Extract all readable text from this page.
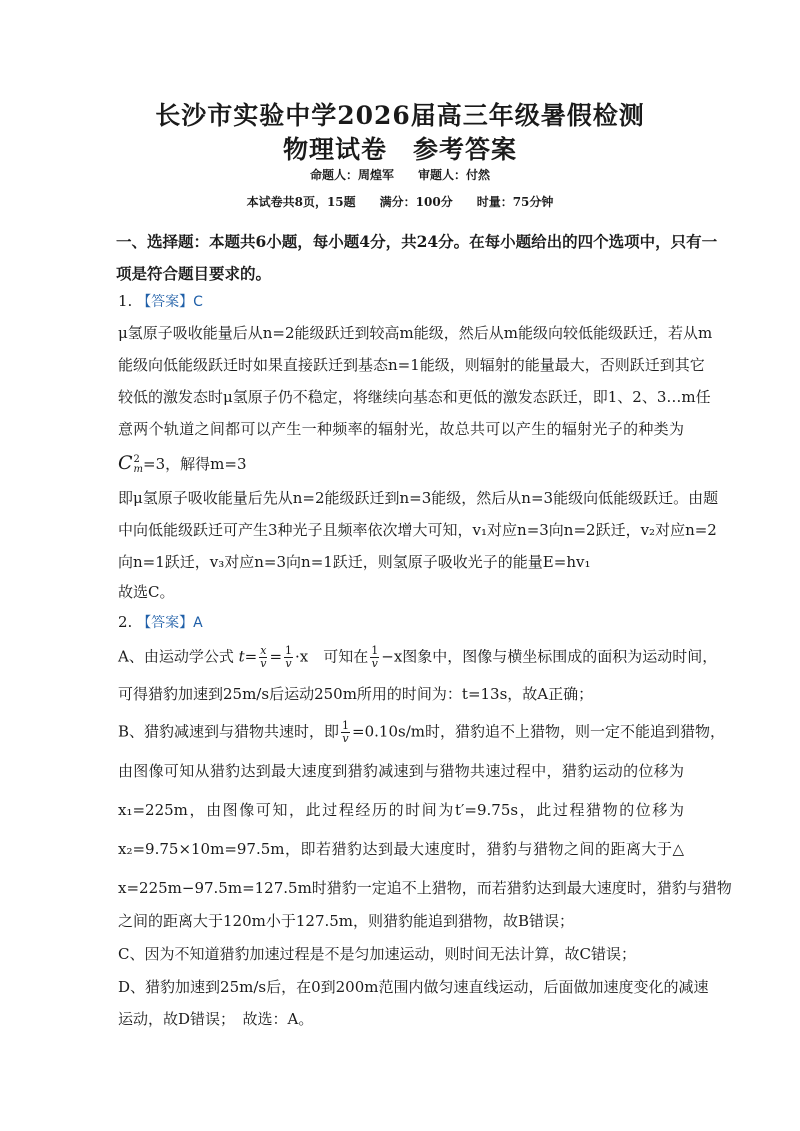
长沙市实验中学2026届高三年级暑假检测
物理试卷　参考答案
命题人：周煌军　　审题人：付然
本试卷共8页，15题　　满分：100分　　时量：75分钟
一、选择题：本题共6小题，每小题4分，共24分。在每小题给出的四个选项中，只有一
项是符合题目要求的。
1. 【答案】C
μ氢原子吸收能量后从n=2能级跃迁到较高m能级，然后从m能级向较低能级跃迁，若从m
能级向低能级跃迁时如果直接跃迁到基态n=1能级，则辐射的能量最大，否则跃迁到其它
较低的激发态时μ氢原子仍不稳定，将继续向基态和更低的激发态跃迁，即1、2、3…m任
意两个轨道之间都可以产生一种频率的辐射光，故总共可以产生的辐射光子的种类为
C 2
m =3，解得m=3
即μ氢原子吸收能量后先从n=2能级跃迁到n=3能级，然后从n=3能级向低能级跃迁。由题
中向低能级跃迁可产生3种光子且频率依次增大可知，v₁对应n=3向n=2跃迁，v₂对应n=2
向n=1跃迁，v₃对应n=3向n=1跃迁，则氢原子吸收光子的能量E=hv₁
故选C。
2. 【答案】A
A、由运动学公式 $t= \frac{x}{v} = \frac{1}{v} \cdot x$　可知在 $\frac{1}{v} -x$图象中，图像与横坐标围成的面积为运动时间，
可得猎豹加速到25m/s后运动250m所用的时间为：t=13s，故A正确；
B、猎豹减速到与猎物共速时，即 $\frac{1}{v} =0.10s/m$时，猎豹追不上猎物，则一定不能追到猎物，
由图像可知从猎豹达到最大速度到猎豹减速到与猎物共速过程中，猎豹运动的位移为
x₁=225m，由图像可知，此过程经历的时间为t′=9.75s，此过程猎物的位移为
x₂=9.75×10m=97.5m，即若猎豹达到最大速度时，猎豹与猎物之间的距离大于△
x=225m−97.5m=127.5m时猎豹一定追不上猎物，而若猎豹达到最大速度时，猎豹与猎物
之间的距离大于120m小于127.5m，则猎豹能追到猎物，故B错误；
C、因为不知道猎豹加速过程是不是匀加速运动，则时间无法计算，故C错误；
D、猎豹加速到25m/s后，在0到200m范围内做匀速直线运动，后面做加速度变化的减速
运动，故D错误；　故选：A。
